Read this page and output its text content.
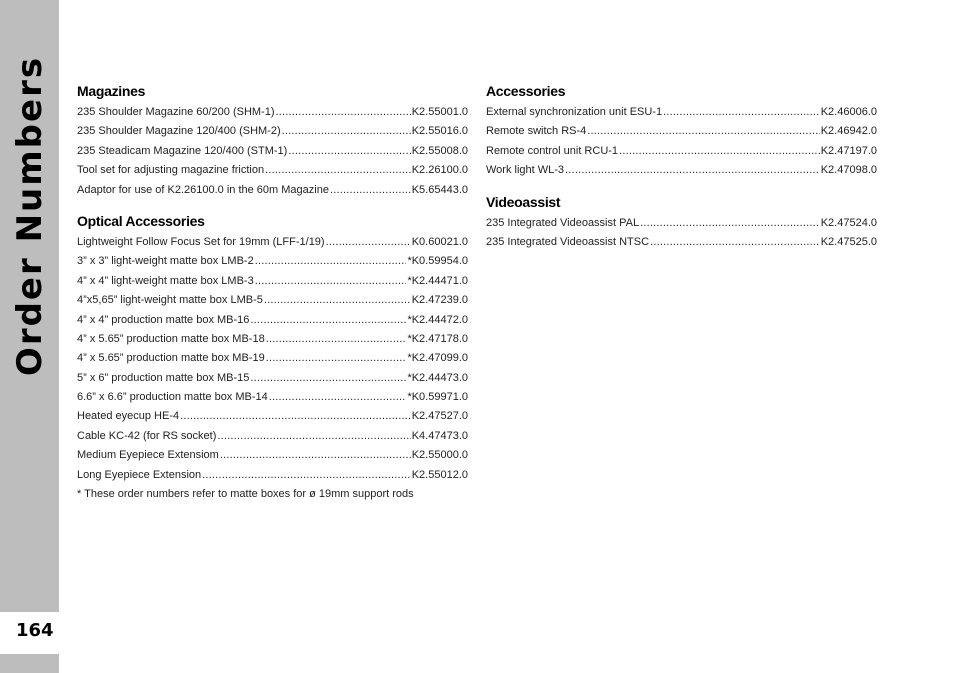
Order Numbers
164
Magazines
235 Shoulder Magazine 60/200 (SHM-1) .....	K2.55001.0
235 Shoulder Magazine 120/400 (SHM-2) .....	K2.55016.0
235 Steadicam Magazine 120/400 (STM-1) .....	K2.55008.0
Tool set for adjusting magazine friction .....	K2.26100.0
Adaptor for use of K2.26100.0 in the 60m Magazine .....	K5.65443.0
Optical Accessories
Lightweight Follow Focus Set for 19mm (LFF-1/19) .....	K0.60021.0
3” x 3” light-weight matte box LMB-2 .....	*K0.59954.0
4” x 4” light-weight matte box LMB-3 .....	*K2.44471.0
4”x5,65” light-weight matte box LMB-5 .....	K2.47239.0
4” x 4” production matte box MB-16 .....	*K2.44472.0
4” x 5.65” production matte box MB-18 .....	*K2.47178.0
4” x 5.65” production matte box MB-19 .....	*K2.47099.0
5” x 6” production matte box MB-15 .....	*K2.44473.0
6.6” x 6.6” production matte box MB-14 .....	*K0.59971.0
Heated eyecup HE-4 .....	K2.47527.0
Cable KC-42 (for RS socket) .....	K4.47473.0
Medium Eyepiece Extensiom .....	K2.55000.0
Long Eyepiece Extension .....	K2.55012.0
* These order numbers refer to matte boxes for ø 19mm support rods
Accessories
External synchronization unit ESU-1 .....	K2.46006.0
Remote switch RS-4 .....	K2.46942.0
Remote control unit RCU-1 .....	K2.47197.0
Work light WL-3 .....	K2.47098.0
Videoassist
235 Integrated Videoassist PAL .....	K2.47524.0
235 Integrated Videoassist NTSC .....	K2.47525.0
